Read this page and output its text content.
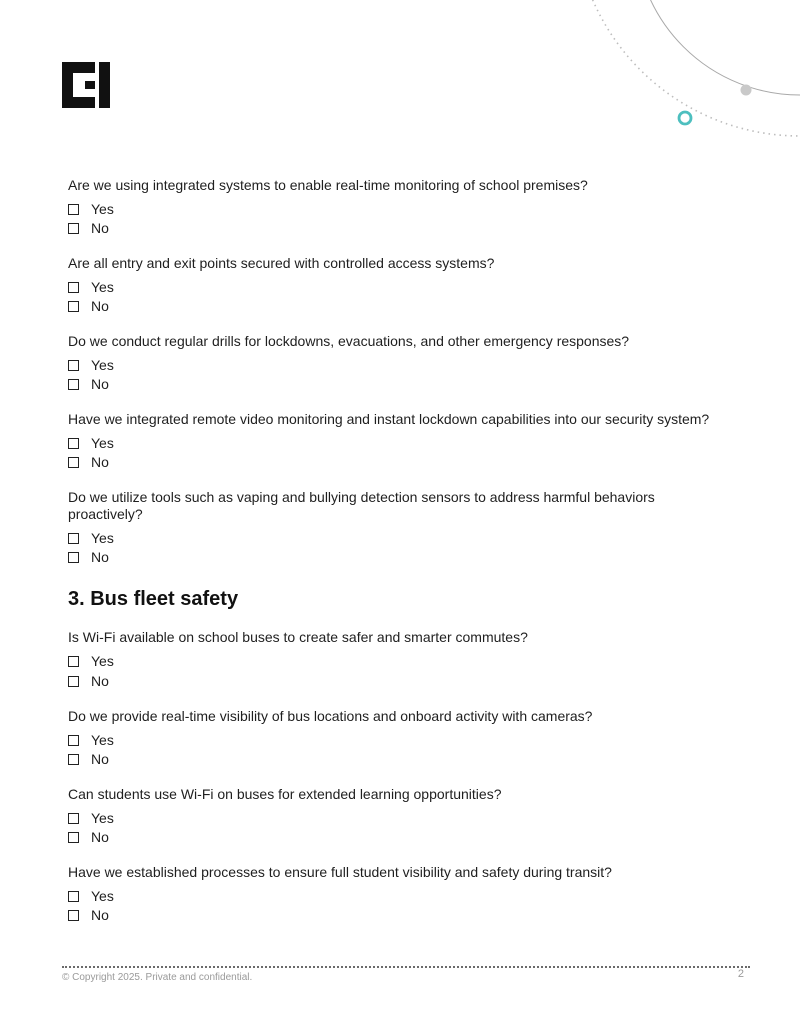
Are we using integrated systems to enable real-time monitoring of school premises?
Yes
No
Are all entry and exit points secured with controlled access systems?
Yes
No
Do we conduct regular drills for lockdowns, evacuations, and other emergency responses?
Yes
No
Have we integrated remote video monitoring and instant lockdown capabilities into our security system?
Yes
No
Do we utilize tools such as vaping and bullying detection sensors to address harmful behaviors proactively?
Yes
No
3. Bus fleet safety
Is Wi-Fi available on school buses to create safer and smarter commutes?
Yes
No
Do we provide real-time visibility of bus locations and onboard activity with cameras?
Yes
No
Can students use Wi-Fi on buses for extended learning opportunities?
Yes
No
Have we established processes to ensure full student visibility and safety during transit?
Yes
No
© Copyright 2025. Private and confidential.	2
